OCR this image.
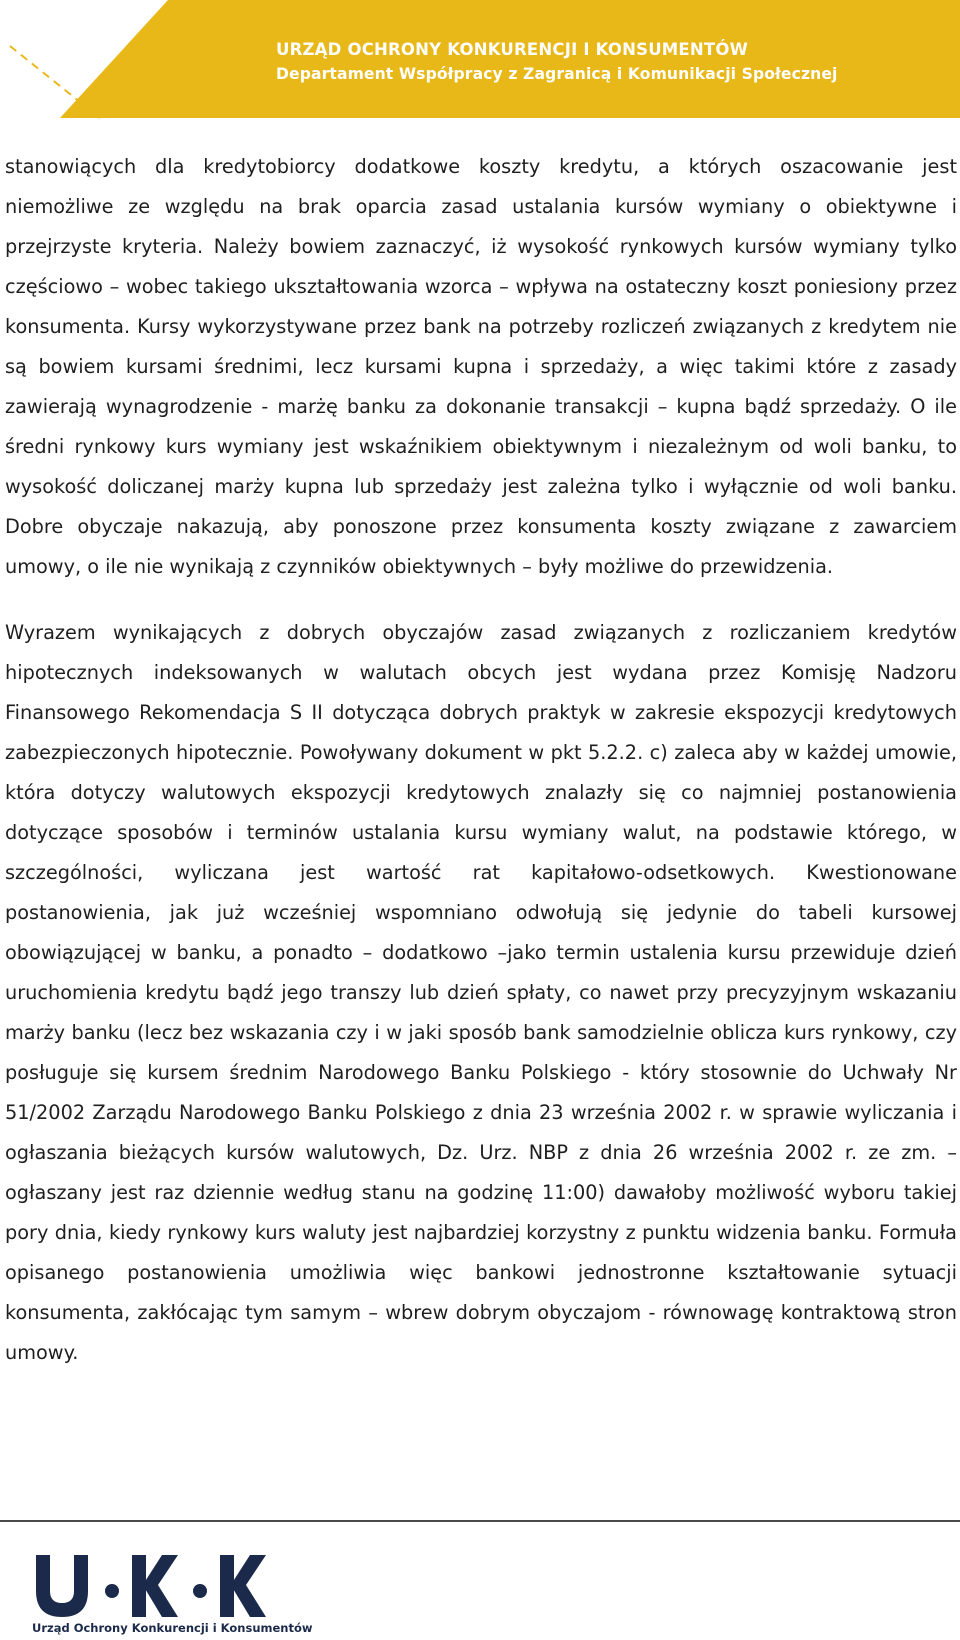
URZĄD OCHRONY KONKURENCJI I KONSUMENTÓW
Departament Współpracy z Zagranicą i Komunikacji Społecznej

stanowiących dla kredytobiorcy dodatkowe koszty kredytu, a których oszacowanie jest niemożliwe ze względu na brak oparcia zasad ustalania kursów wymiany o obiektywne i przejrzyste kryteria. Należy bowiem zaznaczyć, iż wysokość rynkowych kursów wymiany tylko częściowo – wobec takiego ukształtowania wzorca – wpływa na ostateczny koszt poniesiony przez konsumenta. Kursy wykorzystywane przez bank na potrzeby rozliczeń związanych z kredytem nie są bowiem kursami średnimi, lecz kursami kupna i sprzedaży, a więc takimi które z zasady zawierają wynagrodzenie - marżę banku za dokonanie transakcji – kupna bądź sprzedaży. O ile średni rynkowy kurs wymiany jest wskaźnikiem obiektywnym i niezależnym od woli banku, to wysokość doliczanej marży kupna lub sprzedaży jest zależna tylko i wyłącznie od woli banku. Dobre obyczaje nakazują, aby ponoszone przez konsumenta koszty związane z zawarciem umowy, o ile nie wynikają z czynników obiektywnych – były możliwe do przewidzenia.

Wyrazem wynikających z dobrych obyczajów zasad związanych z rozliczaniem kredytów hipotecznych indeksowanych w walutach obcych jest wydana przez Komisję Nadzoru Finansowego Rekomendacja S II dotycząca dobrych praktyk w zakresie ekspozycji kredytowych zabezpieczonych hipotecznie. Powoływany dokument w pkt 5.2.2. c) zaleca aby w każdej umowie, która dotyczy walutowych ekspozycji kredytowych znalazły się co najmniej postanowienia dotyczące sposobów i terminów ustalania kursu wymiany walut, na podstawie którego, w szczególności, wyliczana jest wartość rat kapitałowo-odsetkowych. Kwestionowane postanowienia, jak już wcześniej wspomniano odwołują się jedynie do tabeli kursowej obowiązującej w banku, a ponadto – dodatkowo –jako termin ustalenia kursu przewiduje dzień uruchomienia kredytu bądź jego transzy lub dzień spłaty, co nawet przy precyzyjnym wskazaniu marży banku (lecz bez wskazania czy i w jaki sposób bank samodzielnie oblicza kurs rynkowy, czy posługuje się kursem średnim Narodowego Banku Polskiego - który stosownie do Uchwały Nr 51/2002 Zarządu Narodowego Banku Polskiego z dnia 23 września 2002 r. w sprawie wyliczania i ogłaszania bieżących kursów walutowych, Dz. Urz. NBP z dnia 26 września 2002 r. ze zm. – ogłaszany jest raz dziennie według stanu na godzinę 11:00) dawałoby możliwość wyboru takiej pory dnia, kiedy rynkowy kurs waluty jest najbardziej korzystny z punktu widzenia banku. Formuła opisanego postanowienia umożliwia więc bankowi jednostronne kształtowanie sytuacji konsumenta, zakłócając tym samym – wbrew dobrym obyczajom - równowagę kontraktową stron umowy.

Urząd Ochrony Konkurencji i Konsumentów
